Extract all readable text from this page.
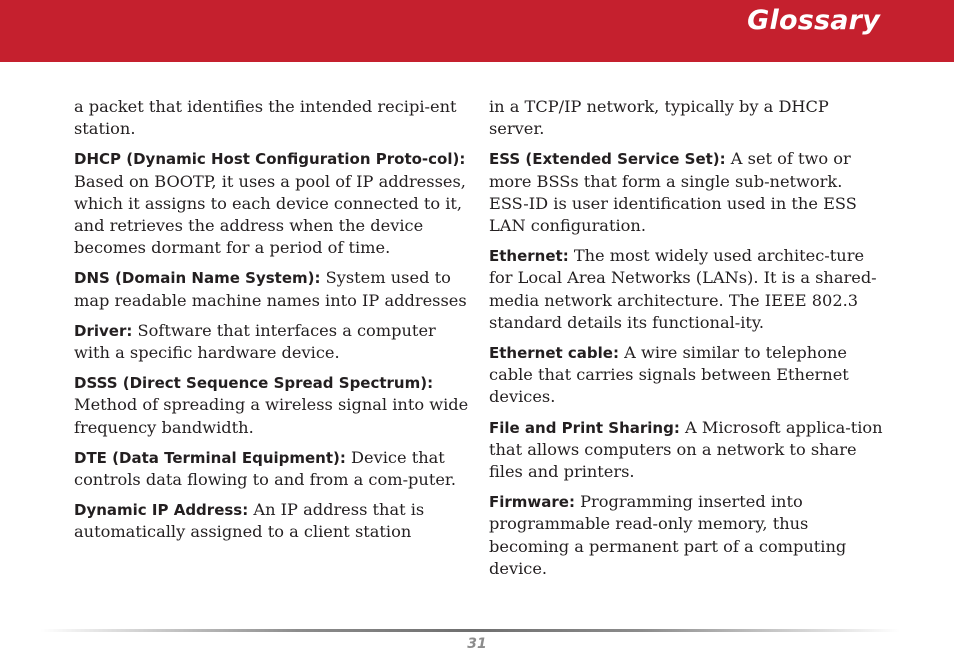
Glossary

a packet that identifies the intended recipi-ent station.

DHCP (Dynamic Host Configuration Proto-col): Based on BOOTP, it uses a pool of IP addresses, which it assigns to each device connected to it, and retrieves the address when the device becomes dormant for a period of time.

DNS (Domain Name System): System used to map readable machine names into IP addresses

Driver: Software that interfaces a computer with a specific hardware device.

DSSS (Direct Sequence Spread Spectrum): Method of spreading a wireless signal into wide frequency bandwidth.

DTE (Data Terminal Equipment): Device that controls data flowing to and from a com-puter.

Dynamic IP Address: An IP address that is automatically assigned to a client station

in a TCP/IP network, typically by a DHCP server.

ESS (Extended Service Set): A set of two or more BSSs that form a single sub-network. ESS-ID is user identification used in the ESS LAN configuration.

Ethernet: The most widely used architec-ture for Local Area Networks (LANs). It is a shared-media network architecture. The IEEE 802.3 standard details its functional-ity.

Ethernet cable: A wire similar to telephone cable that carries signals between Ethernet devices.

File and Print Sharing: A Microsoft applica-tion that allows computers on a network to share files and printers.

Firmware: Programming inserted into programmable read-only memory, thus becoming a permanent part of a computing device.

31
